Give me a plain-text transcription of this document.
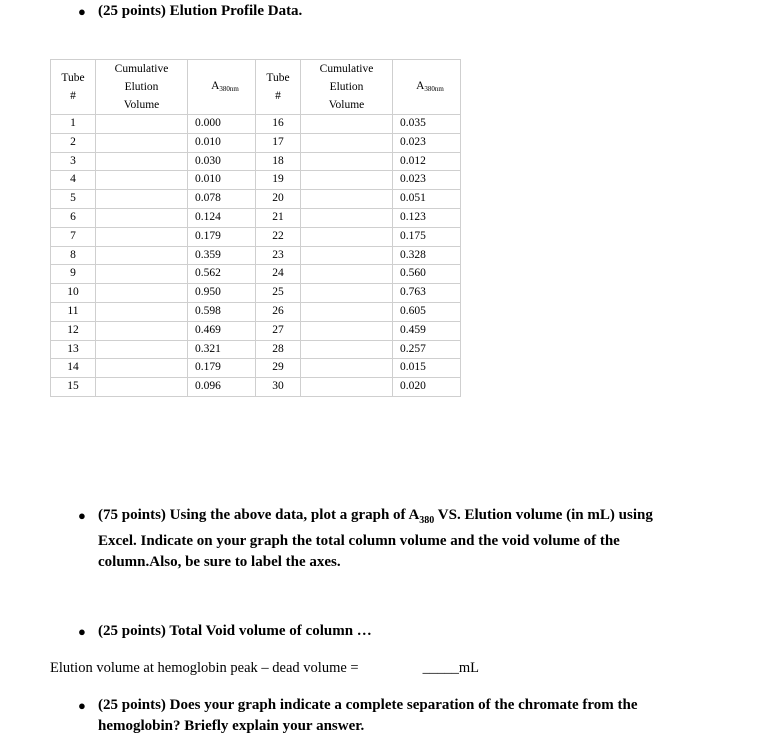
● (25 points) Elution Profile Data.
Tube
#	Cumulative
Elution
Volume	$A_{380nm}$	Tube
#	Cumulative
Elution
Volume	$A_{380nm}$
1		0.000	16		0.035
2		0.010	17		0.023
3		0.030	18		0.012
4		0.010	19		0.023
5		0.078	20		0.051
6		0.124	21		0.123
7		0.179	22		0.175
8		0.359	23		0.328
9		0.562	24		0.560
10		0.950	25		0.763
11		0.598	26		0.605
12		0.469	27		0.459
13		0.321	28		0.257
14		0.179	29		0.015
15		0.096	30		0.020
● (75 points) Using the above data, plot a graph of $A_{380}$ VS. Elution volume (in mL) using Excel. Indicate on your graph the total column volume and the void volume of the column.Also, be sure to label the axes.
● (25 points) Total Void volume of column …
Elution volume at hemoglobin peak – dead volume =	_____mL
● (25 points) Does your graph indicate a complete separation of the chromate from the hemoglobin? Briefly explain your answer.
